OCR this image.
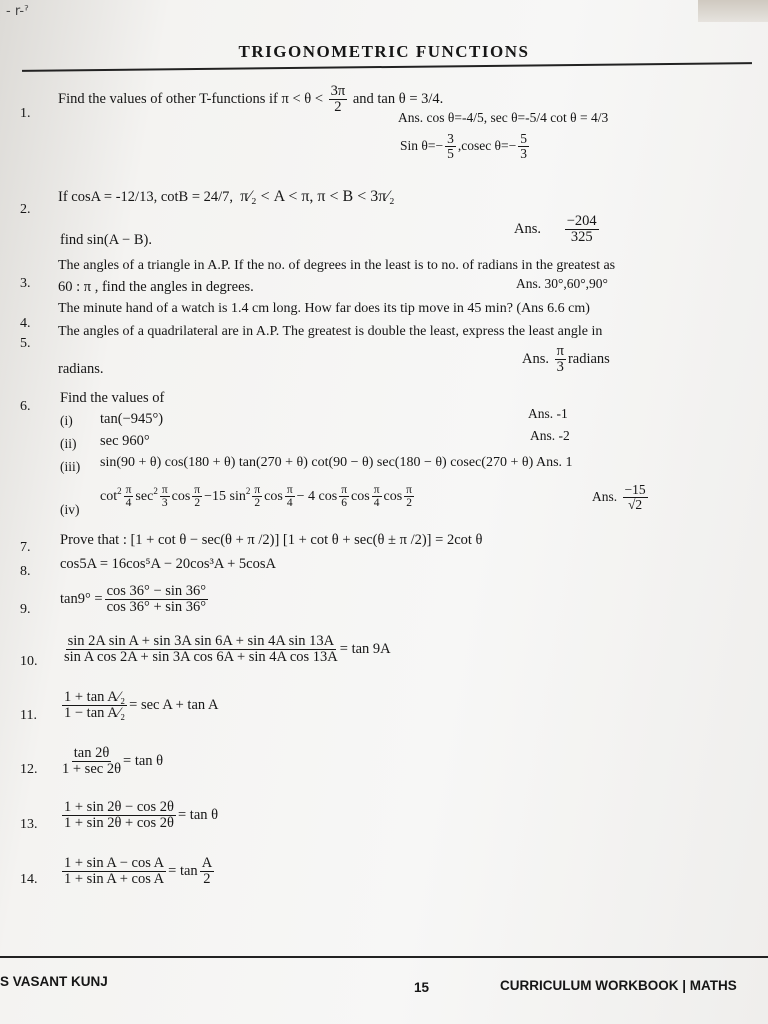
- r-ˀ
TRIGONOMETRIC FUNCTIONS
1.
Find the values of other T-functions if $\pi < \theta < \frac{3\pi}{2}$ and tan θ = 3/4.
Ans. cos θ=-4/5, sec θ=-5/4 cot θ = 4/3
Sin $\theta=- \frac{3}{5} ,cosec$ $\theta=- \frac{5}{3}$
2.
If cosA = -12/13, cotB = 24/7, π⁄₂ < A < π, π < B < 3π⁄₂
find sin(A − B).
Ans. $\frac{-204}{325}$
3.
The angles of a triangle in A.P. If the no. of degrees in the least is to no. of radians in the greatest as
60 : π , find the angles in degrees.	Ans. 30°,60°,90°
4.
The minute hand of a watch is 1.4 cm long. How far does its tip move in 45 min? (Ans 6.6 cm)
5.
The angles of a quadrilateral are in A.P. The greatest is double the least, express the least angle in
radians.
Ans. $\frac{\pi}{3}$ radians
6.
Find the values of
(i) tan(−945°)	Ans. -1
(ii) sec 960°	Ans. -2
(iii) sin(90 + θ) cos(180 + θ) tan(270 + θ) cot(90 − θ) sec(180 − θ) cosec(270 + θ) Ans. 1
(iv)
$\cot^2 \frac{\pi}{4} \sec^2 \frac{\pi}{3}$ $\cos \frac{\pi}{2} -15$ $\sin^2 \frac{\pi}{2}$ $\cos \frac{\pi}{4} - 4$ $\cos \frac{\pi}{6}$ $\cos \frac{\pi}{4}$ $\cos \frac{\pi}{2}$	Ans. $\frac{-15}{√2}$
7. Prove that : [1 + cot θ − sec(θ + π /2)] [1 + cot θ + sec(θ ± π /2)] = 2cot θ
8. cos5A = 16cos⁵A − 20cos³A + 5cosA
9.
$\tan 9^\circ = \frac{\cos 36^\circ - \sin 36^\circ}{\cos 36^\circ + \sin 36^\circ}$
10. $\frac{\text{sin 2A sin A + sin 3A sin 6A + sin 4A sin 13A}}{\text{sin A cos 2A + sin 3A cos 6A + sin 4A cos 13A}} = \tan 9A$
11. $\frac{\text{1 + tan A⁄₂}}{\text{1 − tan A⁄₂}} = \sec A + \tan A$
12. $\frac{\tan 2\theta}{1 + \sec 2\theta} = \tan \theta$
13. $\frac{1 + \sin 2\theta - \cos 2\theta}{1 + \sin 2\theta + \cos 2\theta} = \tan \theta$
14. $\frac{\text{1 + sin A − cos A}}{\text{1 + sin A + cos A}} = \tan \frac{A}{2}$
S VASANT KUNJ	15	CURRICULUM WORKBOOK | MATHS
